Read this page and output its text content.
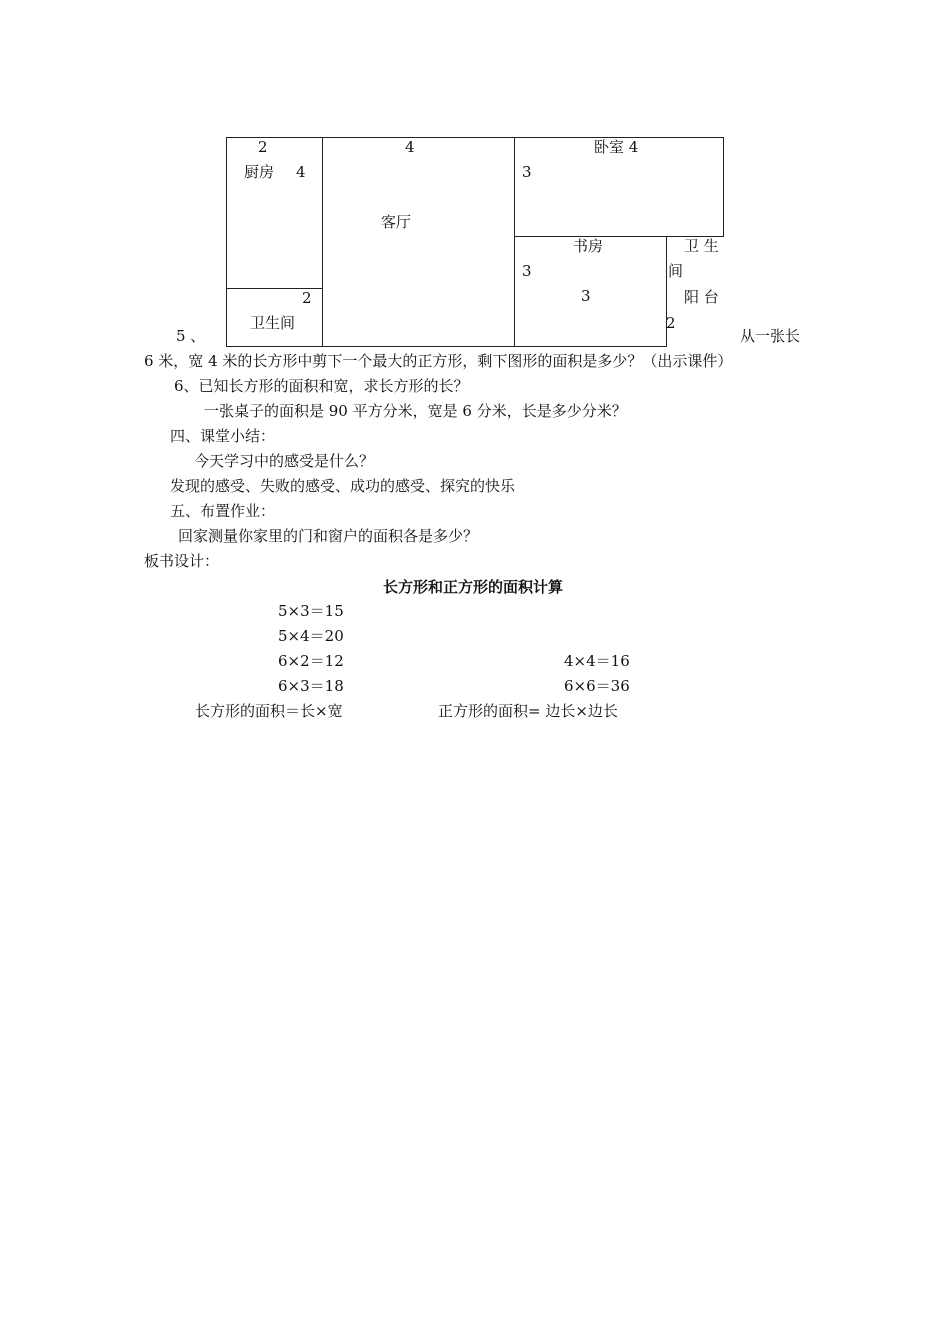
2
厨房 4
2
卫生间
4
客厅
卧室 4
3
书房
3
3
卫 生
间
阳 台
2
5 、	从一张长
6 米，宽 4 米的长方形中剪下一个最大的正方形，剩下图形的面积是多少？（出示课件）
6、已知长方形的面积和宽，求长方形的长？
一张桌子的面积是 90 平方分米，宽是 6 分米，长是多少分米？
四、课堂小结：
今天学习中的感受是什么？
发现的感受、失败的感受、成功的感受、探究的快乐
五、布置作业：
回家测量你家里的门和窗户的面积各是多少？
板书设计：
长方形和正方形的面积计算
5×3＝15
5×4＝20
6×2＝12
6×3＝18
4×4＝16
6×6＝36
长方形的面积＝长×宽	正方形的面积= 边长×边长
